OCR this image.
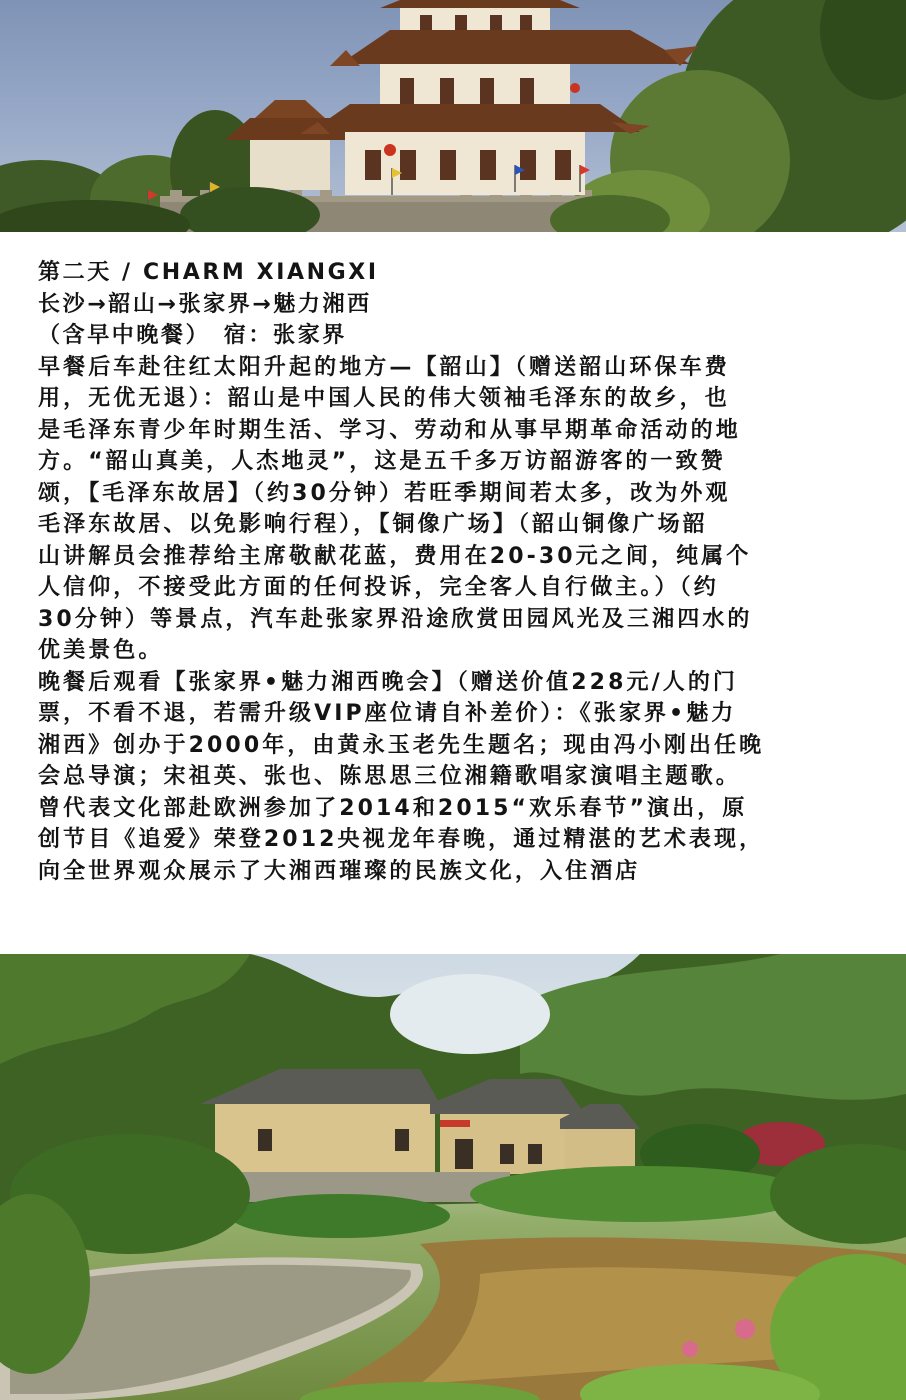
第二天 / CHARM XIANGXI

长沙→韶山→张家界→魅力湘西

（含早中晚餐）　宿：张家界

早餐后车赴往红太阳升起的地方—【韶山】（赠送韶山环保车费

用，无优无退）：韶山是中国人民的伟大领袖毛泽东的故乡，也

是毛泽东青少年时期生活、学习、劳动和从事早期革命活动的地

方。“韶山真美，人杰地灵”，这是五千多万访韶游客的一致赞

颂，【毛泽东故居】（约30分钟）若旺季期间若太多，改为外观

毛泽东故居、以免影响行程），【铜像广场】（韶山铜像广场韶

山讲解员会推荐给主席敬献花蓝，费用在20-30元之间，纯属个

人信仰，不接受此方面的任何投诉，完全客人自行做主。）（约

30分钟）等景点，汽车赴张家界沿途欣赏田园风光及三湘四水的

优美景色。

晚餐后观看【张家界•魅力湘西晚会】（赠送价值228元/人的门

票，不看不退，若需升级VIP座位请自补差价）：《张家界•魅力

湘西》创办于2000年，由黄永玉老先生题名；现由冯小刚出任晚

会总导演；宋祖英、张也、陈思思三位湘籍歌唱家演唱主题歌。

曾代表文化部赴欧洲参加了2014和2015“欢乐春节”演出，原

创节目《追爱》荣登2012央视龙年春晚，通过精湛的艺术表现，

向全世界观众展示了大湘西璀璨的民族文化，入住酒店
